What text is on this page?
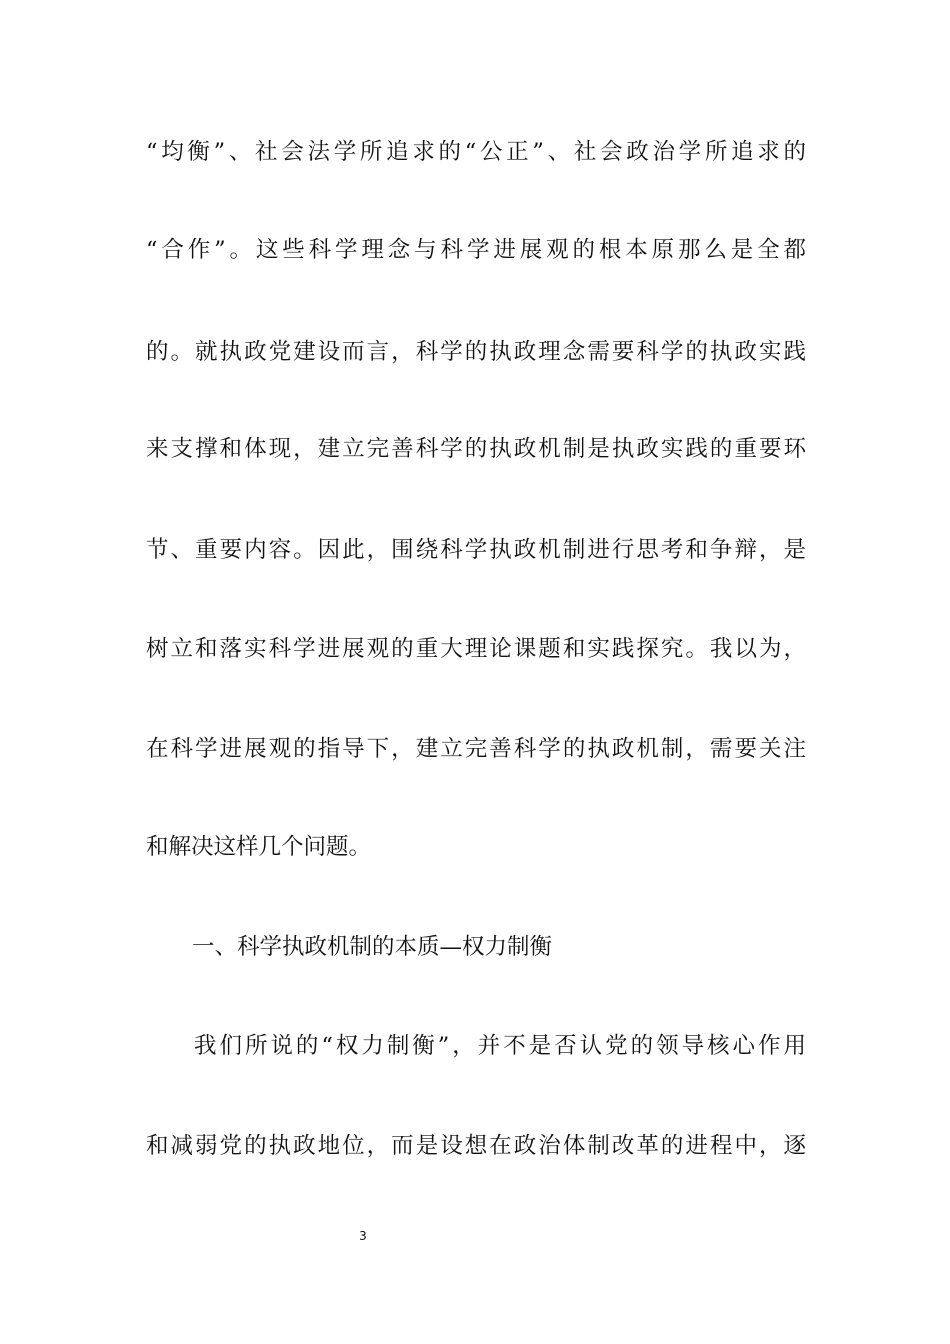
“均衡”、社会法学所追求的“公正”、社会政治学所追求的
“合作”。这些科学理念与科学进展观的根本原那么是全都
的。就执政党建设而言，科学的执政理念需要科学的执政实践
来支撑和体现，建立完善科学的执政机制是执政实践的重要环
节、重要内容。因此，围绕科学执政机制进行思考和争辩，是
树立和落实科学进展观的重大理论课题和实践探究。我以为，
在科学进展观的指导下，建立完善科学的执政机制，需要关注
和解决这样几个问题。
一、科学执政机制的本质—权力制衡
我们所说的“权力制衡”，并不是否认党的领导核心作用
和减弱党的执政地位，而是设想在政治体制改革的进程中，逐
3
